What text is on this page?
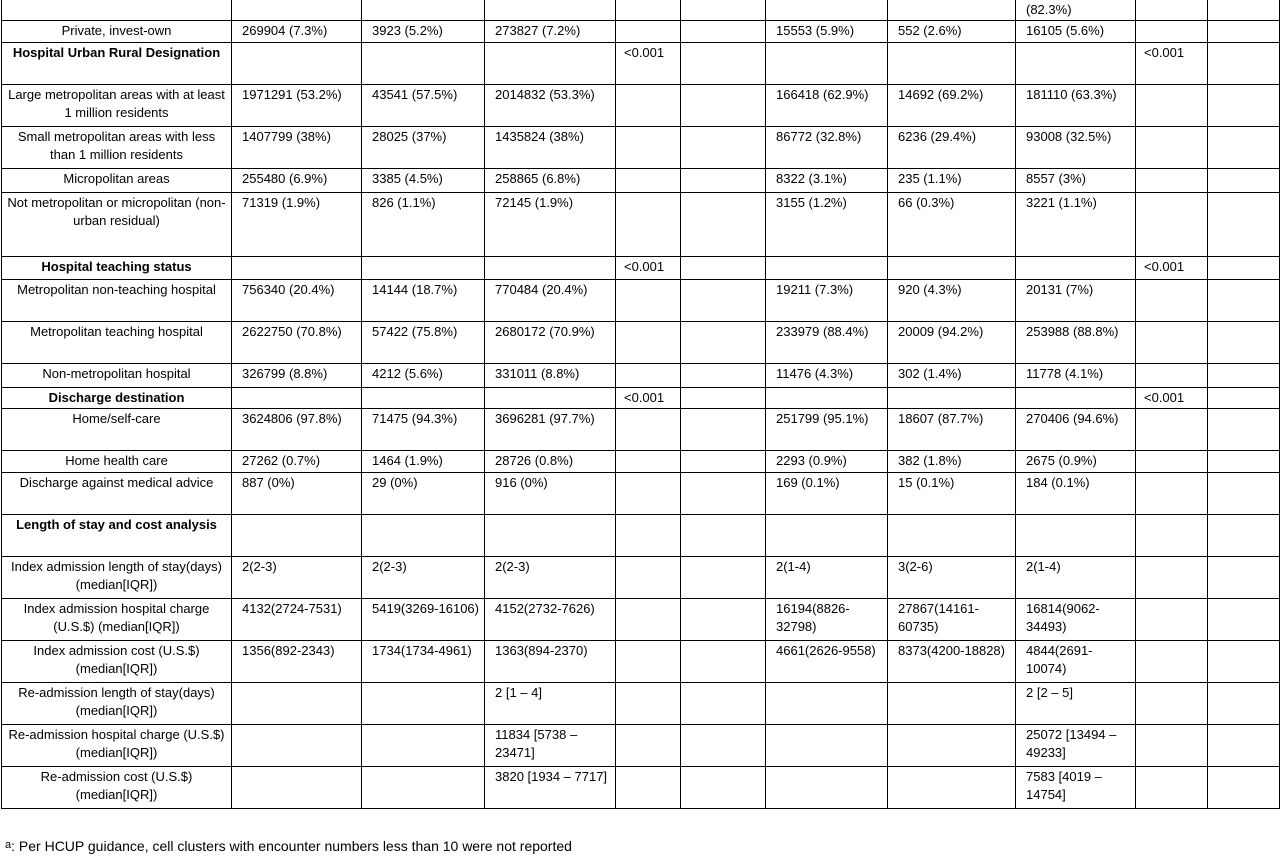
								(82.3%)		
Private, invest-own	269904 (7.3%)	3923 (5.2%)	273827 (7.2%)			15553 (5.9%)	552 (2.6%)	16105 (5.6%)		
Hospital Urban Rural Designation				<0.001					<0.001	
Large metropolitan areas with at least 1 million residents	1971291 (53.2%)	43541 (57.5%)	2014832 (53.3%)			166418 (62.9%)	14692 (69.2%)	181110 (63.3%)		
Small metropolitan areas with less than 1 million residents	1407799 (38%)	28025 (37%)	1435824 (38%)			86772 (32.8%)	6236 (29.4%)	93008 (32.5%)		
Micropolitan areas	255480 (6.9%)	3385 (4.5%)	258865 (6.8%)			8322 (3.1%)	235 (1.1%)	8557 (3%)		
Not metropolitan or micropolitan (non-urban residual)	71319 (1.9%)	826 (1.1%)	72145 (1.9%)			3155 (1.2%)	66 (0.3%)	3221 (1.1%)		
Hospital teaching status				<0.001					<0.001	
Metropolitan non-teaching hospital	756340 (20.4%)	14144 (18.7%)	770484 (20.4%)			19211 (7.3%)	920 (4.3%)	20131 (7%)		
Metropolitan teaching hospital	2622750 (70.8%)	57422 (75.8%)	2680172 (70.9%)			233979 (88.4%)	20009 (94.2%)	253988 (88.8%)		
Non-metropolitan hospital	326799 (8.8%)	4212 (5.6%)	331011 (8.8%)			11476 (4.3%)	302 (1.4%)	11778 (4.1%)		
Discharge destination				<0.001					<0.001	
Home/self-care	3624806 (97.8%)	71475 (94.3%)	3696281 (97.7%)			251799 (95.1%)	18607 (87.7%)	270406 (94.6%)		
Home health care	27262 (0.7%)	1464 (1.9%)	28726 (0.8%)			2293 (0.9%)	382 (1.8%)	2675 (0.9%)		
Discharge against medical advice	887 (0%)	29 (0%)	916 (0%)			169 (0.1%)	15 (0.1%)	184 (0.1%)		
Length of stay and cost analysis										
Index admission length of stay(days) (median[IQR])	2(2-3)	2(2-3)	2(2-3)			2(1-4)	3(2-6)	2(1-4)		
Index admission hospital charge (U.S.$) (median[IQR])	4132(2724-7531)	5419(3269-16106)	4152(2732-7626)			16194(8826-32798)	27867(14161-60735)	16814(9062-34493)		
Index admission cost (U.S.$) (median[IQR])	1356(892-2343)	1734(1734-4961)	1363(894-2370)			4661(2626-9558)	8373(4200-18828)	4844(2691-10074)		
Re-admission length of stay(days) (median[IQR])			2 [1 – 4]					2 [2 – 5]		
Re-admission hospital charge (U.S.$) (median[IQR])			11834 [5738 – 23471]					25072 [13494 – 49233]		
Re-admission cost (U.S.$) (median[IQR])			3820 [1934 – 7717]					7583 [4019 – 14754]		
$^a$: Per HCUP guidance, cell clusters with encounter numbers less than 10 were not reported
